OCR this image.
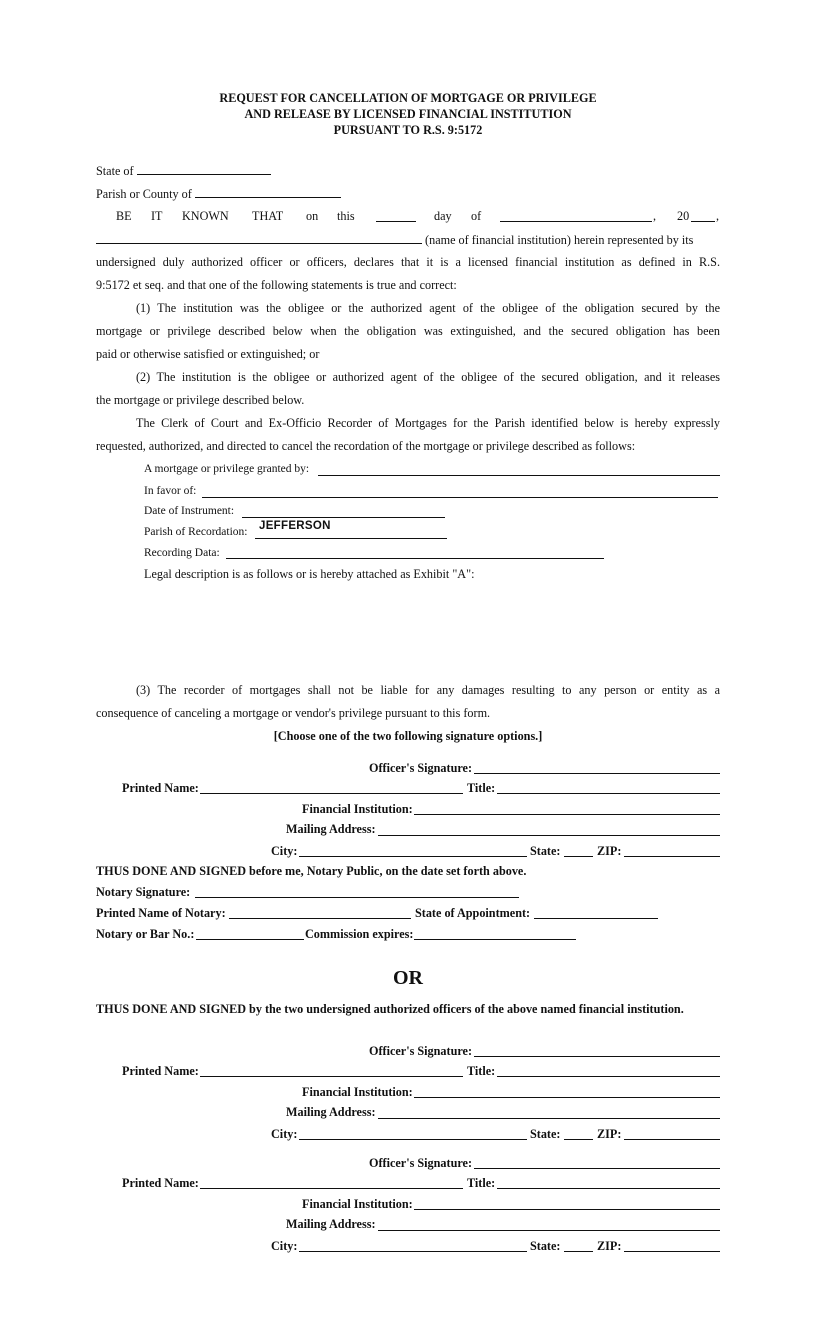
REQUEST FOR CANCELLATION OF MORTGAGE OR PRIVILEGE
AND RELEASE BY LICENSED FINANCIAL INSTITUTION
PURSUANT TO R.S. 9:5172
State of
Parish or County of
BE IT KNOWN THAT on this	day of	, 20 ,
(name of financial institution) herein represented by its
undersigned duly authorized officer or officers, declares that it is a licensed financial institution as defined in R.S.
9:5172 et seq. and that one of the following statements is true and correct:
(1) The institution was the obligee or the authorized agent of the obligee of the obligation secured by the
mortgage or privilege described below when the obligation was extinguished, and the secured obligation has been
paid or otherwise satisfied or extinguished; or
(2) The institution is the obligee or authorized agent of the obligee of the secured obligation, and it releases
the mortgage or privilege described below.
The Clerk of Court and Ex-Officio Recorder of Mortgages for the Parish identified below is hereby expressly
requested, authorized, and directed to cancel the recordation of the mortgage or privilege described as follows:
A mortgage or privilege granted by:
In favor of:
Date of Instrument:
Parish of Recordation: JEFFERSON
Recording Data:
Legal description is as follows or is hereby attached as Exhibit "A":
(3) The recorder of mortgages shall not be liable for any damages resulting to any person or entity as a
consequence of canceling a mortgage or vendor's privilege pursuant to this form.
[Choose one of the two following signature options.]
Officer's Signature:
Printed Name:	Title:
Financial Institution:
Mailing Address:
City:	State:	ZIP:
THUS DONE AND SIGNED before me, Notary Public, on the date set forth above.
Notary Signature:
Printed Name of Notary:	State of Appointment:
Notary or Bar No.:	Commission expires:
OR
THUS DONE AND SIGNED by the two undersigned authorized officers of the above named financial institution.
Officer's Signature:
Printed Name:	Title:
Financial Institution:
Mailing Address:
City:	State:	ZIP:
Officer's Signature:
Printed Name:	Title:
Financial Institution:
Mailing Address:
City:	State:	ZIP:
